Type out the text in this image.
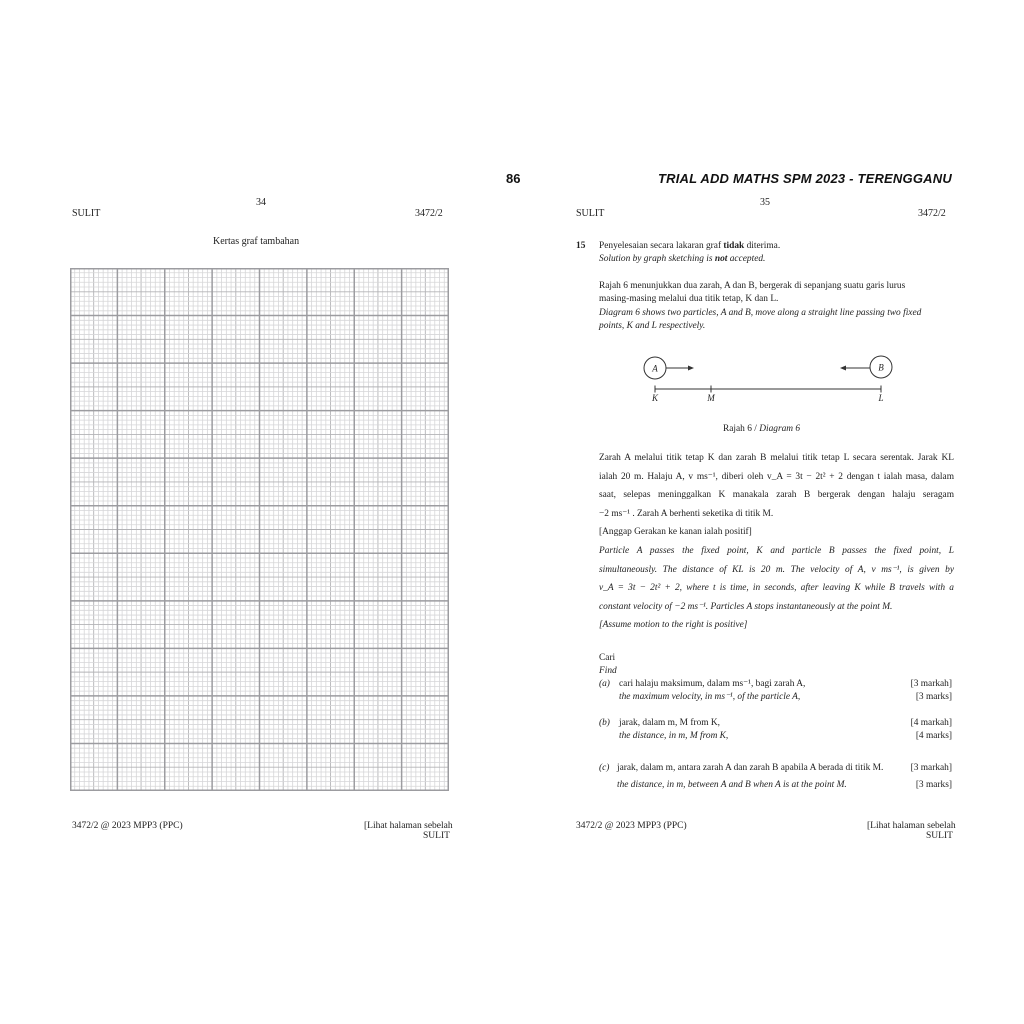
86	TRIAL ADD MATHS SPM 2023 - TERENGGANU
34
SULIT	3472/2
Kertas graf tambahan
3472/2 @ 2023 MPP3 (PPC)	[Lihat halaman sebelah
SULIT
35
SULIT	3472/2
15 Penyelesaian secara lakaran graf tidak diterima.
Solution by graph sketching is not accepted.
Rajah 6 menunjukkan dua zarah, A dan B, bergerak di sepanjang suatu garis lurus
masing-masing melalui dua titik tetap, K dan L.
Diagram 6 shows two particles, A and B, move along a straight line passing two fixed
points, K and L respectively.
A	B
K	M	L
Rajah 6 / Diagram 6
Zarah A melalui titik tetap K dan zarah B melalui titik tetap L secara serentak. Jarak KL
ialah 20 m. Halaju A, v ms⁻¹, diberi oleh v_A = 3t − 2t² + 2 dengan t ialah masa, dalam
saat, selepas meninggalkan K manakala zarah B bergerak dengan halaju seragam
−2 ms⁻¹ . Zarah A berhenti seketika di titik M.
[Anggap Gerakan ke kanan ialah positif]
Particle A passes the fixed point, K and particle B passes the fixed point, L
simultaneously. The distance of KL is 20 m. The velocity of A, v ms⁻¹, is given by
v_A = 3t − 2t² + 2, where t is time, in seconds, after leaving K while B travels with a
constant velocity of −2 ms⁻¹. Particles A stops instantaneously at the point M.
[Assume motion to the right is positive]
Cari
Find
(a) cari halaju maksimum, dalam ms⁻¹, bagi zarah A,
the maximum velocity, in ms⁻¹, of the particle A,
[3 markah]
[3 marks]
(b) jarak, dalam m, M from K,
the distance, in m, M from K,
[4 markah]
[4 marks]
(c) jarak, dalam m, antara zarah A dan zarah B apabila A berada di titik M.
the distance, in m, between A and B when A is at the point M.
[3 markah]
[3 marks]
3472/2 @ 2023 MPP3 (PPC)	[Lihat halaman sebelah
SULIT
